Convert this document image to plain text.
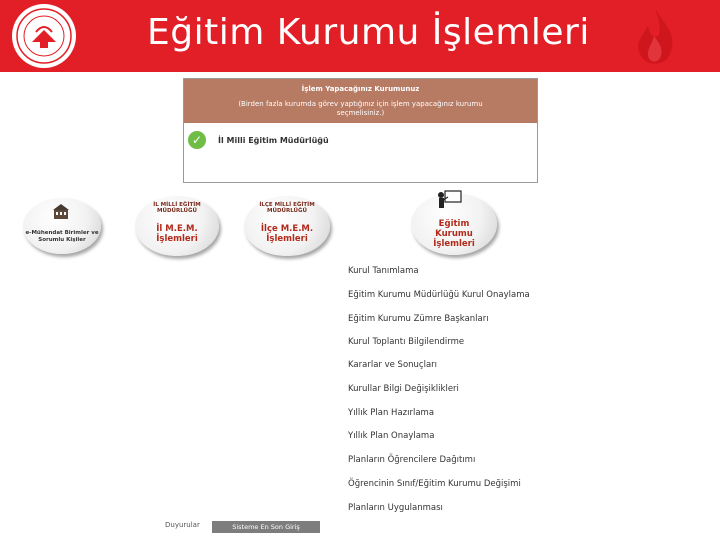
Eğitim Kurumu İşlemleri
İşlem Yapacağınız Kurumunuz
(Birden fazla kurumda görev yaptığınız için işlem yapacağınız kurumu seçmelisiniz.)
✓	İl Milli Eğitim Müdürlüğü
e-Mühendat Birimler ve Sorumlu Kişiler
İL MİLLİ EĞİTİM MÜDÜRLÜĞÜ
İl M.E.M.
İşlemleri
İLÇE MİLLİ EĞİTİM MÜDÜRLÜĞÜ
İlçe M.E.M.
İşlemleri
Eğitim
Kurumu
İşlemleri
Kurul Tanımlama
Eğitim Kurumu Müdürlüğü Kurul Onaylama
Eğitim Kurumu Zümre Başkanları
Kurul Toplantı Bilgilendirme
Kararlar ve Sonuçları
Kurullar Bilgi Değişiklikleri
Yıllık Plan Hazırlama
Yıllık Plan Onaylama
Planların Öğrencilere Dağıtımı
Öğrencinin Sınıf/Eğitim Kurumu Değişimi
Planların Uygulanması
Duyurular	Sisteme En Son Giriş
